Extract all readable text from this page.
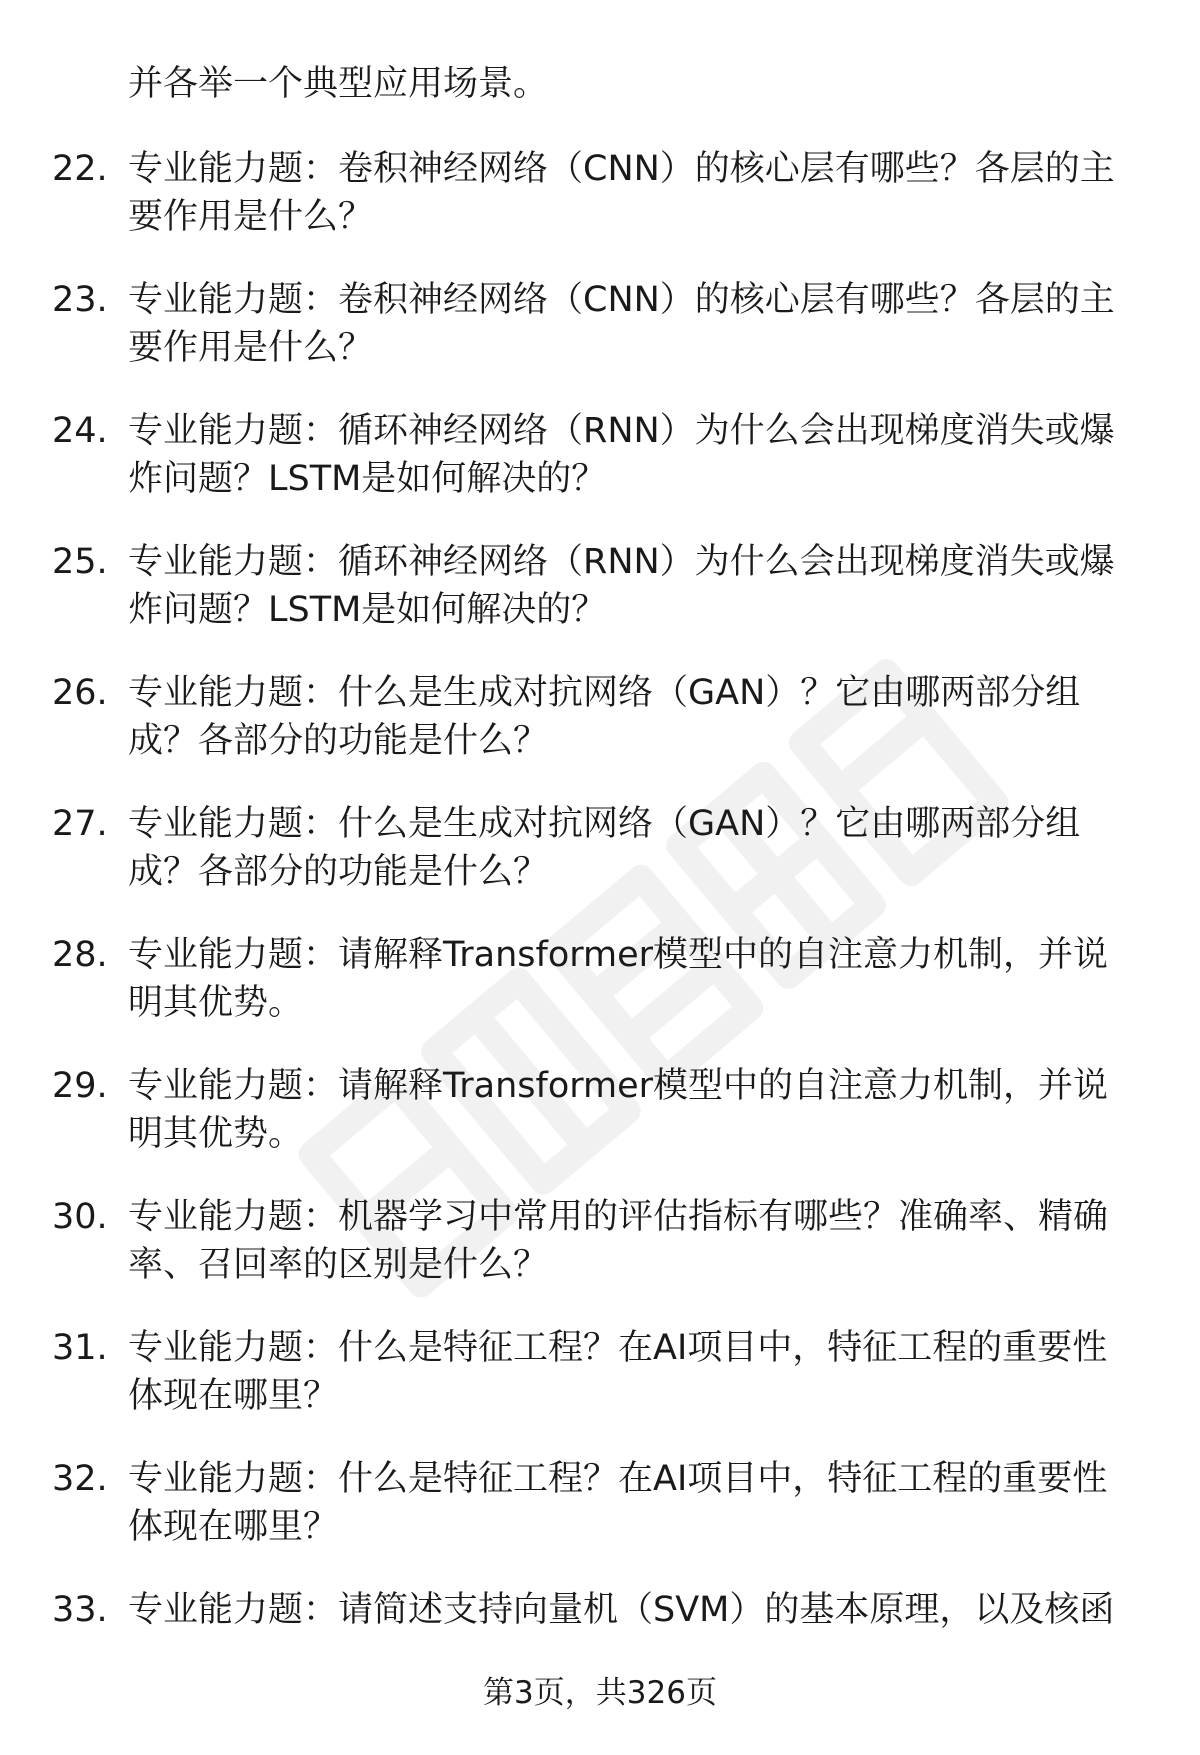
并各举一个典型应用场景。
22. 专业能力题：卷积神经网络（CNN）的核心层有哪些？各层的主要作用是什么？
23. 专业能力题：卷积神经网络（CNN）的核心层有哪些？各层的主要作用是什么？
24. 专业能力题：循环神经网络（RNN）为什么会出现梯度消失或爆炸问题？LSTM是如何解决的？
25. 专业能力题：循环神经网络（RNN）为什么会出现梯度消失或爆炸问题？LSTM是如何解决的？
26. 专业能力题：什么是生成对抗网络（GAN）？它由哪两部分组成？各部分的功能是什么？
27. 专业能力题：什么是生成对抗网络（GAN）？它由哪两部分组成？各部分的功能是什么？
28. 专业能力题：请解释Transformer模型中的自注意力机制，并说明其优势。
29. 专业能力题：请解释Transformer模型中的自注意力机制，并说明其优势。
30. 专业能力题：机器学习中常用的评估指标有哪些？准确率、精确率、召回率的区别是什么？
31. 专业能力题：什么是特征工程？在AI项目中，特征工程的重要性体现在哪里？
32. 专业能力题：什么是特征工程？在AI项目中，特征工程的重要性体现在哪里？
33. 专业能力题：请简述支持向量机（SVM）的基本原理，以及核函
第3页，共326页
